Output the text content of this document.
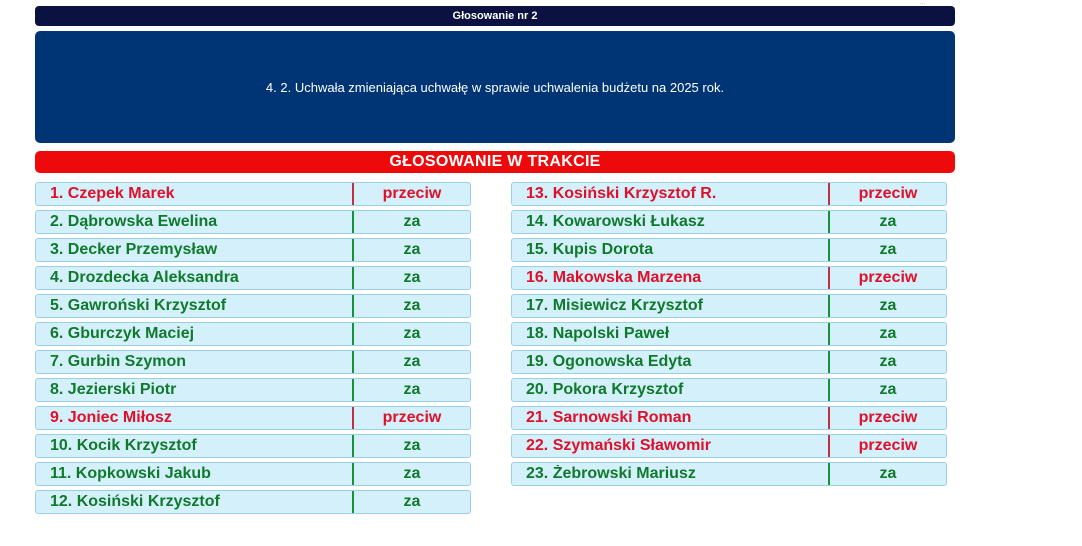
Głosowanie nr 2
...
4. 2. Uchwała zmieniająca uchwałę w sprawie uchwalenia budżetu na 2025 rok.
GŁOSOWANIE W TRAKCIE
1. Czepek Marek	przeciw
2. Dąbrowska Ewelina	za
3. Decker Przemysław	za
4. Drozdecka Aleksandra	za
5. Gawroński Krzysztof	za
6. Gburczyk Maciej	za
7. Gurbin Szymon	za
8. Jezierski Piotr	za
9. Joniec Miłosz	przeciw
10. Kocik Krzysztof	za
11. Kopkowski Jakub	za
12. Kosiński Krzysztof	za
13. Kosiński Krzysztof R.	przeciw
14. Kowarowski Łukasz	za
15. Kupis Dorota	za
16. Makowska Marzena	przeciw
17. Misiewicz Krzysztof	za
18. Napolski Paweł	za
19. Ogonowska Edyta	za
20. Pokora Krzysztof	za
21. Sarnowski Roman	przeciw
22. Szymański Sławomir	przeciw
23. Żebrowski Mariusz	za
